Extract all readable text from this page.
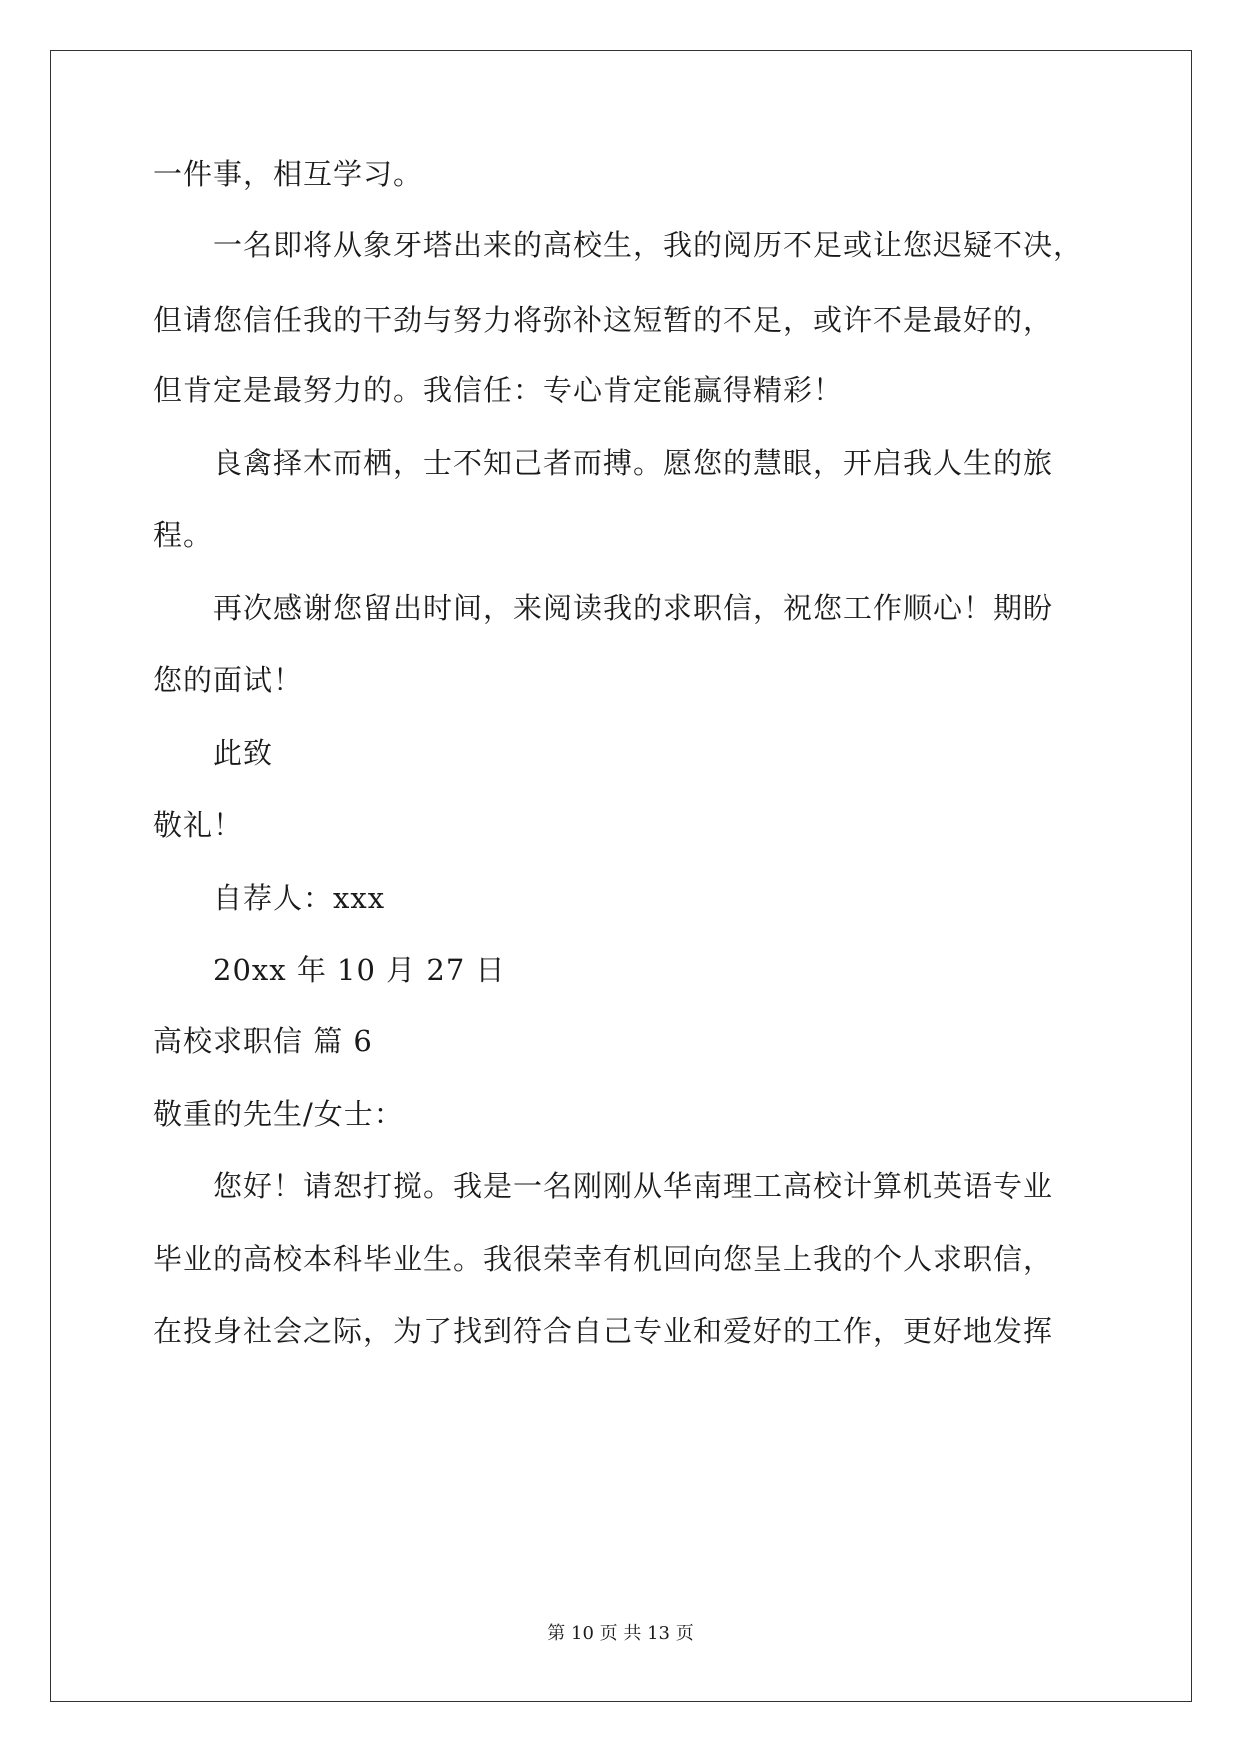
一件事，相互学习。
一名即将从象牙塔出来的高校生，我的阅历不足或让您迟疑不决，
但请您信任我的干劲与努力将弥补这短暂的不足，或许不是最好的，
但肯定是最努力的。我信任：专心肯定能赢得精彩！
良禽择木而栖，士不知己者而搏。愿您的慧眼，开启我人生的旅
程。
再次感谢您留出时间，来阅读我的求职信，祝您工作顺心！期盼
您的面试！
此致
敬礼！
自荐人：xxx
20xx 年 10 月 27 日
高校求职信 篇 6
敬重的先生/女士：
您好！请恕打搅。我是一名刚刚从华南理工高校计算机英语专业
毕业的高校本科毕业生。我很荣幸有机回向您呈上我的个人求职信，
在投身社会之际，为了找到符合自己专业和爱好的工作，更好地发挥
第 10 页 共 13 页
